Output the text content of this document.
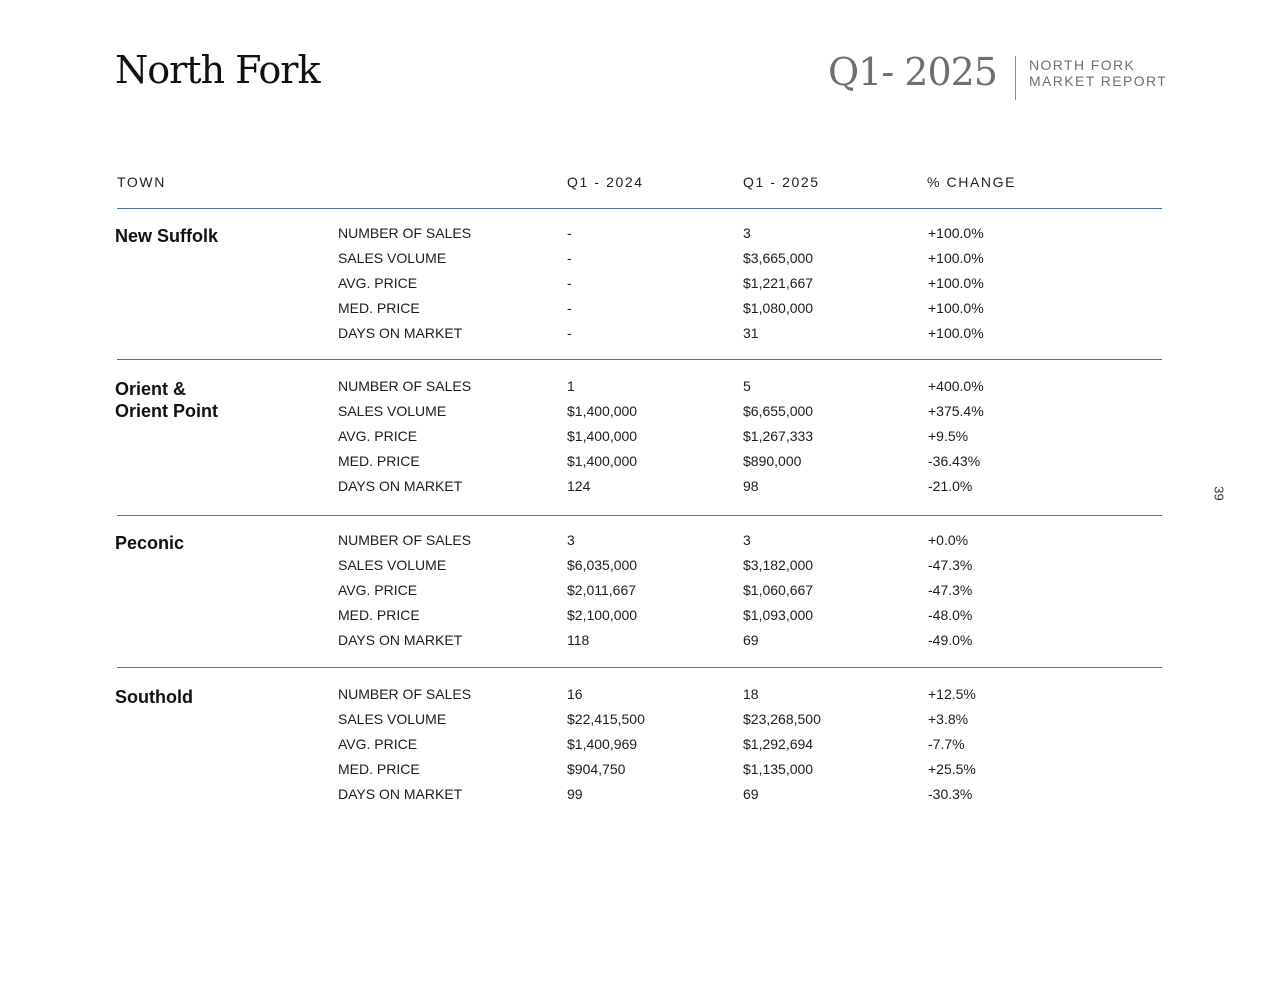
North Fork	Q1- 2025 NORTH FORK
MARKET REPORT
39
TOWN	Q1 - 2024	Q1 - 2025	% CHANGE
New Suffolk	NUMBER OF SALES	-	3	+100.0%
SALES VOLUME	-	$3,665,000	+100.0%
AVG. PRICE	-	$1,221,667	+100.0%
MED. PRICE	-	$1,080,000	+100.0%
DAYS ON MARKET	-	31	+100.0%
Orient &
Orient Point
NUMBER OF SALES	1	5	+400.0%
SALES VOLUME	$1,400,000	$6,655,000	+375.4%
AVG. PRICE	$1,400,000	$1,267,333	+9.5%
MED. PRICE	$1,400,000	$890,000	-36.43%
DAYS ON MARKET	124	98	-21.0%
Peconic	NUMBER OF SALES	3	3	+0.0%
SALES VOLUME	$6,035,000	$3,182,000	-47.3%
AVG. PRICE	$2,011,667	$1,060,667	-47.3%
MED. PRICE	$2,100,000	$1,093,000	-48.0%
DAYS ON MARKET	118	69	-49.0%
Southold	NUMBER OF SALES	16	18	+12.5%
SALES VOLUME	$22,415,500	$23,268,500	+3.8%
AVG. PRICE	$1,400,969	$1,292,694	-7.7%
MED. PRICE	$904,750	$1,135,000	+25.5%
DAYS ON MARKET	99	69	-30.3%
